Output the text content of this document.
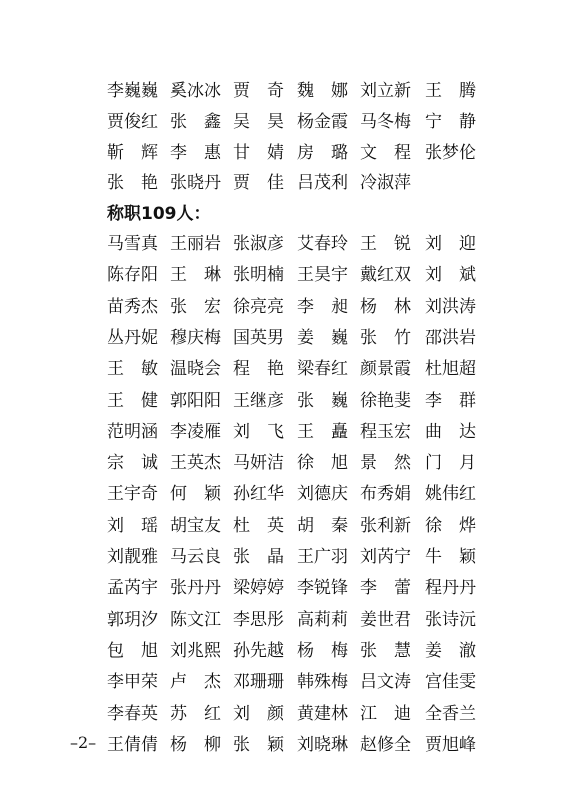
李巍巍 奚冰冰 贾奇
魏娜
刘立新 王腾
贾俊红 张鑫
吴昊
杨金霞 马冬梅 宁静
靳辉
李惠
甘婧
房璐
文程
张梦伦
张艳
张晓丹 贾佳
吕茂利 冷淑萍
称职109人：
马雪真 王丽岩 张淑彦 艾春玲 王锐
刘迎
陈存阳 王琳
张明楠 王昊宇 戴红双 刘斌
苗秀杰 张宏
徐亮亮 李昶
杨林
刘洪涛
丛丹妮 穆庆梅 国英男 姜巍
张竹
邵洪岩
王敏
温晓会 程艳
梁春红 颜景霞 杜旭超
王健
郭阳阳 王继彦 张巍
徐艳斐 李群
范明涵 李凌雁 刘飞
王矗
程玉宏 曲达
宗诚
王英杰 马妍洁 徐旭
景然
门月
王宇奇 何颖
孙红华 刘德庆 布秀娟 姚伟红
刘瑶
胡宝友 杜英
胡秦
张利新 徐烨
刘靓雅 马云良 张晶
王广羽 刘芮宁 牛颖
孟芮宇 张丹丹 梁婷婷 李锐锋 李蕾
程丹丹
郭玥汐 陈文江 李思彤 高莉莉 姜世君 张诗沅
包旭
刘兆熙 孙先越 杨梅
张慧
姜澈
李甲荣 卢杰
邓珊珊 韩殊梅 吕文涛 宫佳雯
李春英 苏红
刘颜
黄建林 江迪
全香兰
王倩倩 杨柳
张颖
刘晓琳 赵修全 贾旭峰
–2–
